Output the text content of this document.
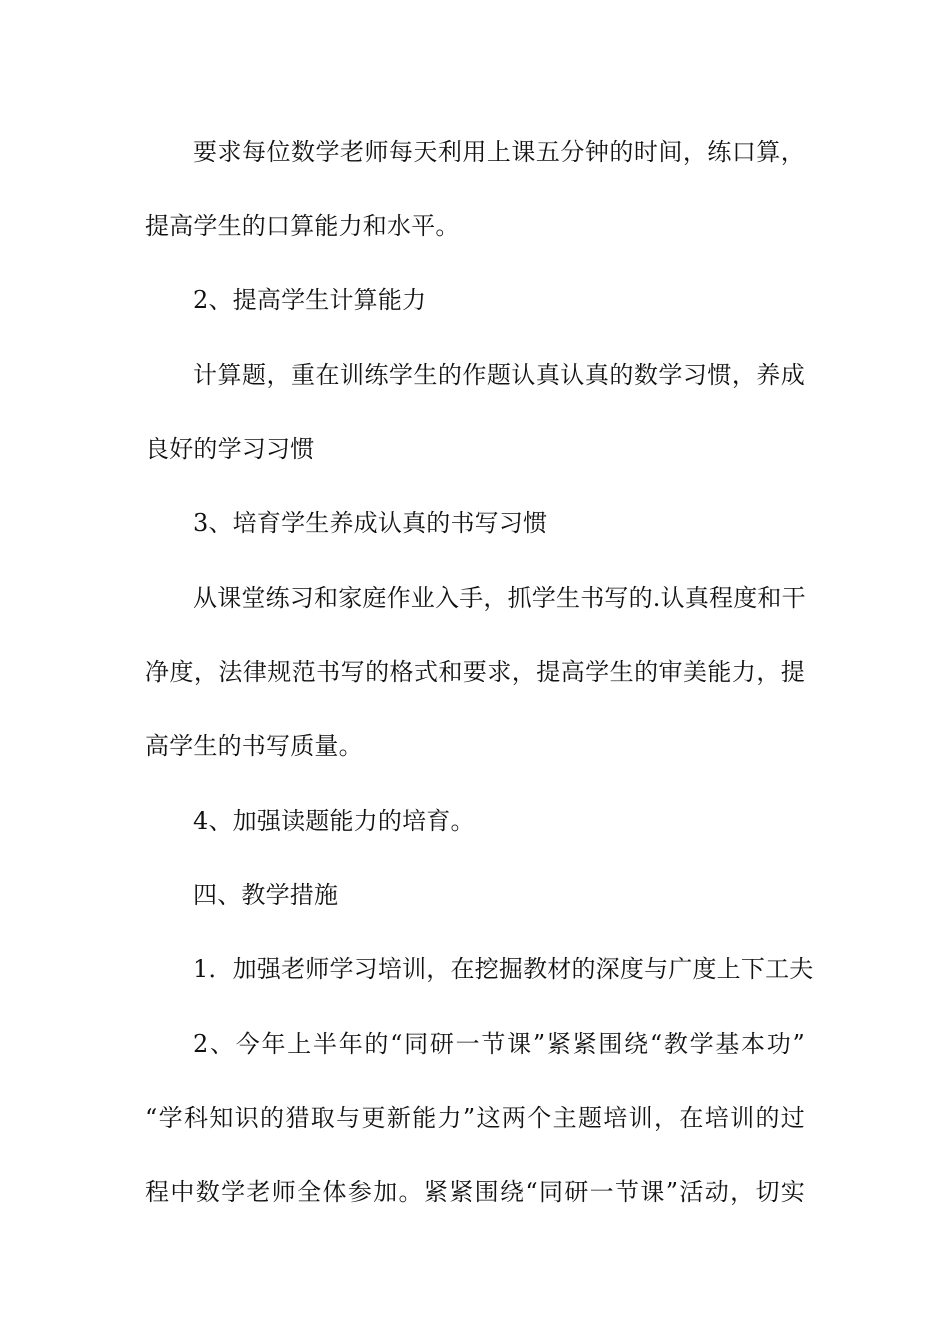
要求每位数学老师每天利用上课五分钟的时间，练口算，
提高学生的口算能力和水平。
2、提高学生计算能力
计算题，重在训练学生的作题认真认真的数学习惯，养成
良好的学习习惯
3、培育学生养成认真的书写习惯
从课堂练习和家庭作业入手，抓学生书写的.认真程度和干
净度，法律规范书写的格式和要求，提高学生的审美能力，提
高学生的书写质量。
4、加强读题能力的培育。
四、教学措施
1．加强老师学习培训，在挖掘教材的深度与广度上下工夫
2、今年上半年的“同研一节课”紧紧围绕“教学基本功”
“学科知识的猎取与更新能力”这两个主题培训，在培训的过
程中数学老师全体参加。紧紧围绕“同研一节课”活动，切实
